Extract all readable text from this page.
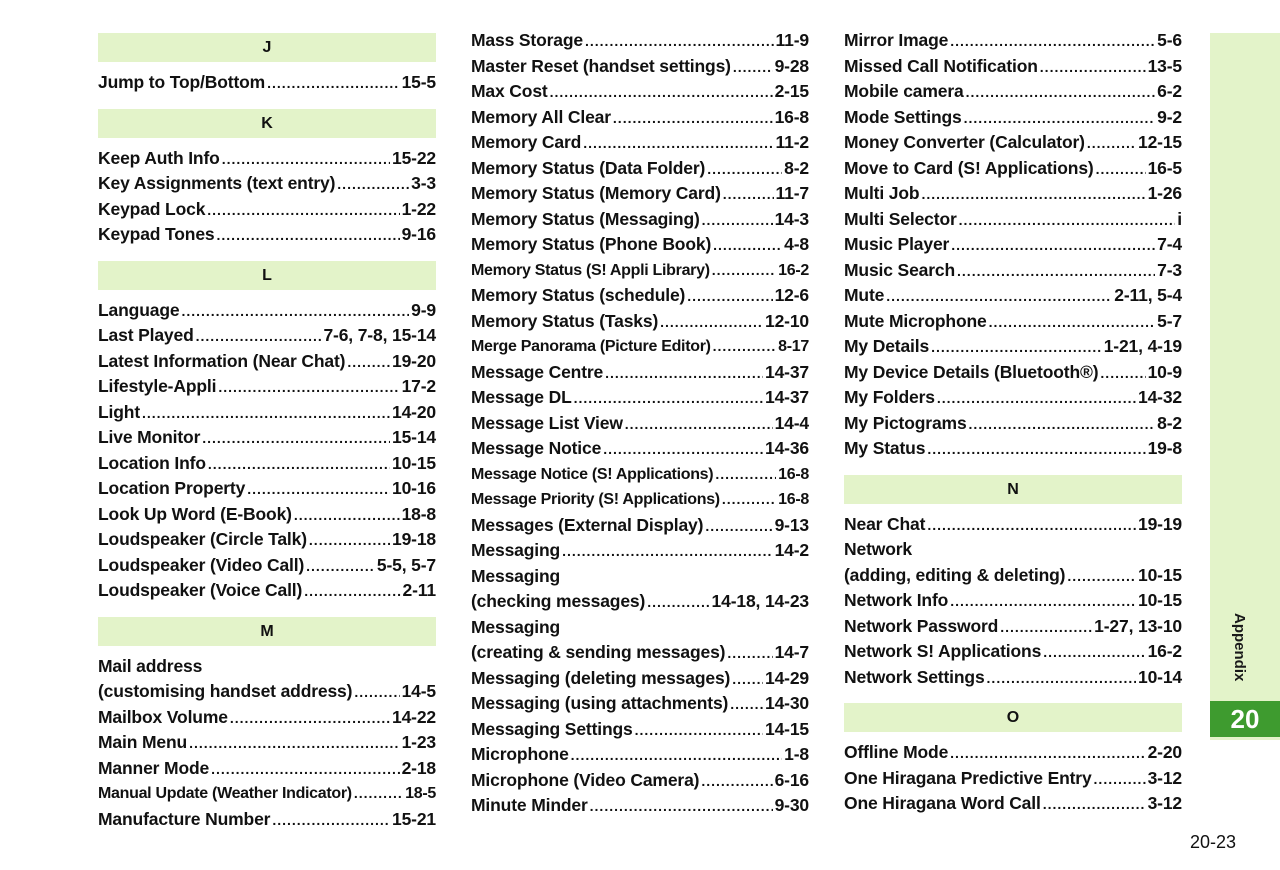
J
Jump to Top/Bottom .....	15-5
K
Keep Auth Info .....	15-22
Key Assignments (text entry) .....	3-3
Keypad Lock .....	1-22
Keypad Tones .....	9-16
L
Language .....	9-9
Last Played .....	7-6, 7-8, 15-14
Latest Information (Near Chat) .....	19-20
Lifestyle-Appli .....	17-2
Light .....	14-20
Live Monitor .....	15-14
Location Info .....	10-15
Location Property .....	10-16
Look Up Word (E-Book) .....	18-8
Loudspeaker (Circle Talk) .....	19-18
Loudspeaker (Video Call) .....	5-5, 5-7
Loudspeaker (Voice Call) .....	2-11
M
Mail address
(customising handset address) .....	14-5
Mailbox Volume .....	14-22
Main Menu .....	1-23
Manner Mode .....	2-18
Manual Update (Weather Indicator) .....	18-5
Manufacture Number .....	15-21
Mass Storage .....	11-9
Master Reset (handset settings) ..... 9-28
Max Cost .....	2-15
Memory All Clear .....	16-8
Memory Card .....	11-2
Memory Status (Data Folder) .....	8-2
Memory Status (Memory Card) .....	11-7
Memory Status (Messaging) .....	14-3
Memory Status (Phone Book) .....	4-8
Memory Status (S! Appli Library) .....	16-2
Memory Status (schedule) .....	12-6
Memory Status (Tasks) .....	12-10
Merge Panorama (Picture Editor) .....	8-17
Message Centre .....	14-37
Message DL .....	14-37
Message List View .....	14-4
Message Notice .....	14-36
Message Notice (S! Applications) .....	16-8
Message Priority (S! Applications) .....	16-8
Messages (External Display) .....	9-13
Messaging .....	14-2
Messaging
(checking messages) .....	14-18, 14-23
Messaging
(creating & sending messages) .....	14-7
Messaging (deleting messages) ..... 14-29
Messaging (using attachments) ..... 14-30
Messaging Settings .....	14-15
Microphone .....	1-8
Microphone (Video Camera) .....	6-16
Minute Minder .....	9-30
Mirror Image .....	5-6
Missed Call Notification .....	13-5
Mobile camera .....	6-2
Mode Settings .....	9-2
Money Converter (Calculator) .....	12-15
Move to Card (S! Applications) .....	16-5
Multi Job .....	1-26
Multi Selector .....	i
Music Player .....	7-4
Music Search .....	7-3
Mute .....	2-11, 5-4
Mute Microphone .....	5-7
My Details .....	1-21, 4-19
My Device Details (Bluetooth®) .....	10-9
My Folders .....	14-32
My Pictograms .....	8-2
My Status .....	19-8
N
Near Chat .....	19-19
Network
(adding, editing & deleting) .....	10-15
Network Info .....	10-15
Network Password .....	1-27, 13-10
Network S! Applications .....	16-2
Network Settings .....	10-14
O
Offline Mode .....	2-20
One Hiragana Predictive Entry .....	3-12
One Hiragana Word Call .....	3-12
Appendix
20
20-23
